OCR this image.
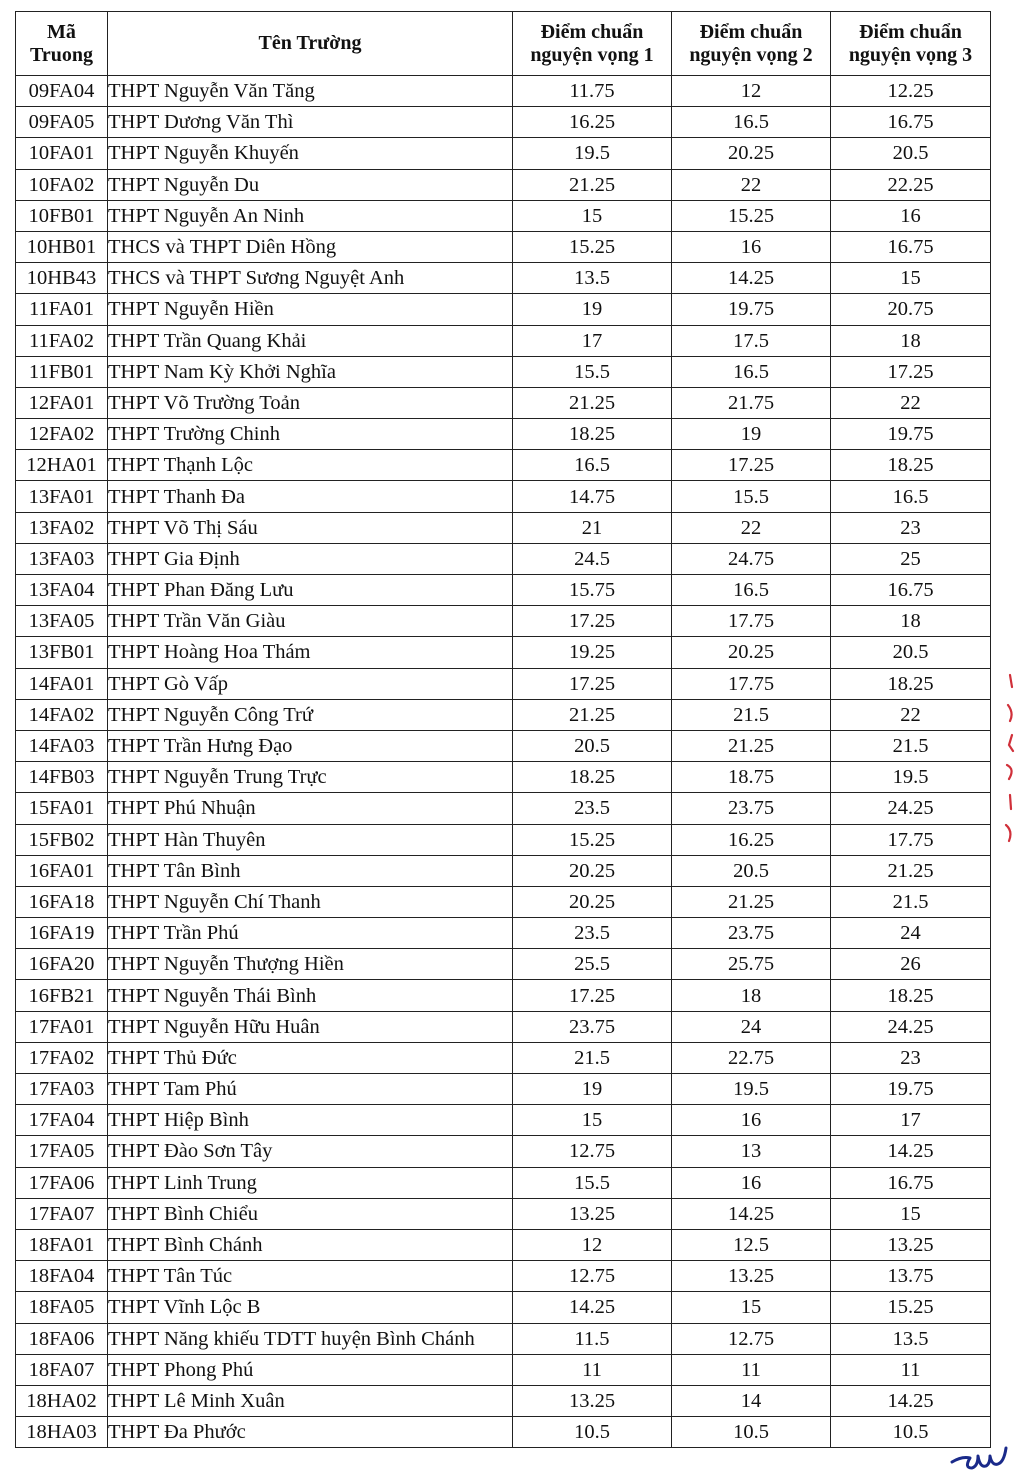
Mã Truong	Tên Trường	Điểm chuẩn nguyện vọng 1	Điểm chuẩn nguyện vọng 2	Điểm chuẩn nguyện vọng 3
09FA04	THPT Nguyễn Văn Tăng	11.75	12	12.25
09FA05	THPT Dương Văn Thì	16.25	16.5	16.75
10FA01	THPT Nguyễn Khuyến	19.5	20.25	20.5
10FA02	THPT Nguyễn Du	21.25	22	22.25
10FB01	THPT Nguyễn An Ninh	15	15.25	16
10HB01	THCS và THPT Diên Hồng	15.25	16	16.75
10HB43	THCS và THPT Sương Nguyệt Anh	13.5	14.25	15
11FA01	THPT Nguyễn Hiền	19	19.75	20.75
11FA02	THPT Trần Quang Khải	17	17.5	18
11FB01	THPT Nam Kỳ Khởi Nghĩa	15.5	16.5	17.25
12FA01	THPT Võ Trường Toản	21.25	21.75	22
12FA02	THPT Trường Chinh	18.25	19	19.75
12HA01	THPT Thạnh Lộc	16.5	17.25	18.25
13FA01	THPT Thanh Đa	14.75	15.5	16.5
13FA02	THPT Võ Thị Sáu	21	22	23
13FA03	THPT Gia Định	24.5	24.75	25
13FA04	THPT Phan Đăng Lưu	15.75	16.5	16.75
13FA05	THPT Trần Văn Giàu	17.25	17.75	18
13FB01	THPT Hoàng Hoa Thám	19.25	20.25	20.5
14FA01	THPT Gò Vấp	17.25	17.75	18.25
14FA02	THPT Nguyễn Công Trứ	21.25	21.5	22
14FA03	THPT Trần Hưng Đạo	20.5	21.25	21.5
14FB03	THPT Nguyễn Trung Trực	18.25	18.75	19.5
15FA01	THPT Phú Nhuận	23.5	23.75	24.25
15FB02	THPT Hàn Thuyên	15.25	16.25	17.75
16FA01	THPT Tân Bình	20.25	20.5	21.25
16FA18	THPT Nguyễn Chí Thanh	20.25	21.25	21.5
16FA19	THPT Trần Phú	23.5	23.75	24
16FA20	THPT Nguyễn Thượng Hiền	25.5	25.75	26
16FB21	THPT Nguyễn Thái Bình	17.25	18	18.25
17FA01	THPT Nguyễn Hữu Huân	23.75	24	24.25
17FA02	THPT Thủ Đức	21.5	22.75	23
17FA03	THPT Tam Phú	19	19.5	19.75
17FA04	THPT Hiệp Bình	15	16	17
17FA05	THPT Đào Sơn Tây	12.75	13	14.25
17FA06	THPT Linh Trung	15.5	16	16.75
17FA07	THPT Bình Chiểu	13.25	14.25	15
18FA01	THPT Bình Chánh	12	12.5	13.25
18FA04	THPT Tân Túc	12.75	13.25	13.75
18FA05	THPT Vĩnh Lộc B	14.25	15	15.25
18FA06	THPT Năng khiếu TDTT huyện Bình Chánh	11.5	12.75	13.5
18FA07	THPT Phong Phú	11	11	11
18HA02	THPT Lê Minh Xuân	13.25	14	14.25
18HA03	THPT Đa Phước	10.5	10.5	10.5
